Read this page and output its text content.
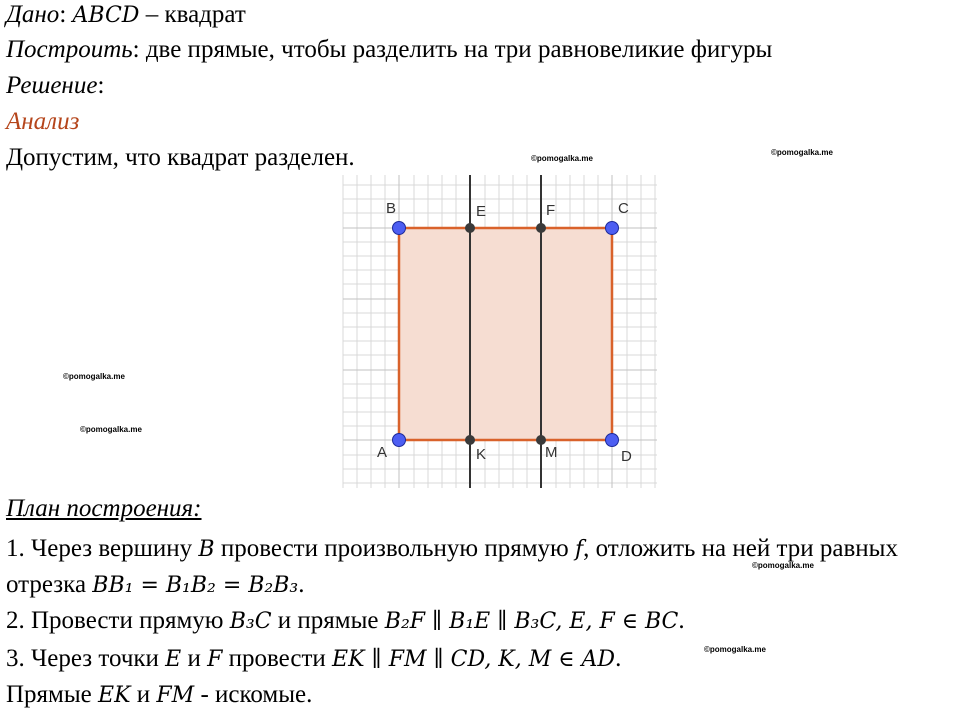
Дано: ABCD – квадрат
Построить: две прямые, чтобы разделить на три равновеликие фигуры
Решение:
Анализ
Допустим, что квадрат разделен.
B	E	F	C
A	K	M	D
План построения:
1. Через вершину B провести произвольную прямую f, отложить на ней три равных
отрезка BB₁ = B₁B₂ = B₂B₃.
2. Провести прямую B₃C и прямые B₂F ∥ B₁E ∥ B₃C, E, F ∈ BC.
3. Через точки E и F провести EK ∥ FM ∥ CD, K, M ∈ AD.
Прямые EK и FM - искомые.
©pomogalka.me
©pomogalka.me
©pomogalka.me
©pomogalka.me
©pomogalka.me
©pomogalka.me
